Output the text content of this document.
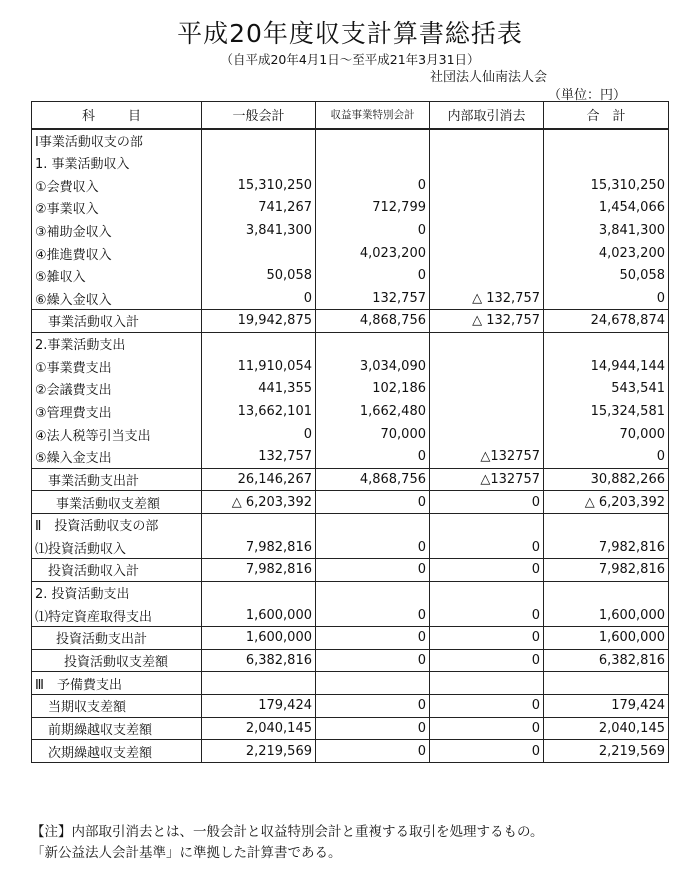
平成20年度収支計算書総括表
（自平成20年4月1日～至平成21年3月31日）
社団法人仙南法人会
（単位：円）
科　目	一般会計	収益事業特別会計	内部取引消去	合　計
Ⅰ事業活動収支の部				
1. 事業活動収入				
①会費収入	15,310,250	0		15,310,250
②事業収入	741,267	712,799		1,454,066
③補助金収入	3,841,300	0		3,841,300
④推進費収入		4,023,200		4,023,200
⑤雑収入	50,058	0		50,058
⑥繰入金収入	0	132,757	△ 132,757	0
事業活動収入計	19,942,875	4,868,756	△ 132,757	24,678,874
2.事業活動支出				
①事業費支出	11,910,054	3,034,090		14,944,144
②会議費支出	441,355	102,186		543,541
③管理費支出	13,662,101	1,662,480		15,324,581
④法人税等引当支出	0	70,000		70,000
⑤繰入金支出	132,757	0	△132757	0
事業活動支出計	26,146,267	4,868,756	△132757	30,882,266
事業活動収支差額	△ 6,203,392	0	0	△ 6,203,392
Ⅱ　投資活動収支の部				
⑴投資活動収入	7,982,816	0	0	7,982,816
投資活動収入計	7,982,816	0	0	7,982,816
2. 投資活動支出				
⑴特定資産取得支出	1,600,000	0	0	1,600,000
投資活動支出計	1,600,000	0	0	1,600,000
投資活動収支差額	6,382,816	0	0	6,382,816
Ⅲ　予備費支出				
当期収支差額	179,424	0	0	179,424
前期繰越収支差額	2,040,145	0	0	2,040,145
次期繰越収支差額	2,219,569	0	0	2,219,569
【注】内部取引消去とは、一般会計と収益特別会計と重複する取引を処理するもの。
「新公益法人会計基準」に準拠した計算書である。
